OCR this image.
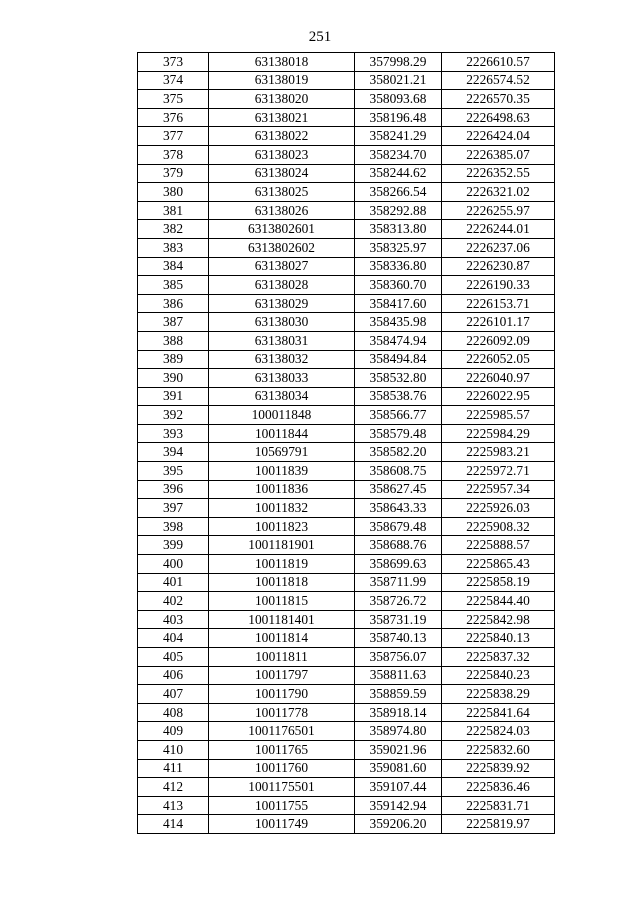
251
373	63138018	357998.29	2226610.57
374	63138019	358021.21	2226574.52
375	63138020	358093.68	2226570.35
376	63138021	358196.48	2226498.63
377	63138022	358241.29	2226424.04
378	63138023	358234.70	2226385.07
379	63138024	358244.62	2226352.55
380	63138025	358266.54	2226321.02
381	63138026	358292.88	2226255.97
382	6313802601	358313.80	2226244.01
383	6313802602	358325.97	2226237.06
384	63138027	358336.80	2226230.87
385	63138028	358360.70	2226190.33
386	63138029	358417.60	2226153.71
387	63138030	358435.98	2226101.17
388	63138031	358474.94	2226092.09
389	63138032	358494.84	2226052.05
390	63138033	358532.80	2226040.97
391	63138034	358538.76	2226022.95
392	100011848	358566.77	2225985.57
393	10011844	358579.48	2225984.29
394	10569791	358582.20	2225983.21
395	10011839	358608.75	2225972.71
396	10011836	358627.45	2225957.34
397	10011832	358643.33	2225926.03
398	10011823	358679.48	2225908.32
399	1001181901	358688.76	2225888.57
400	10011819	358699.63	2225865.43
401	10011818	358711.99	2225858.19
402	10011815	358726.72	2225844.40
403	1001181401	358731.19	2225842.98
404	10011814	358740.13	2225840.13
405	10011811	358756.07	2225837.32
406	10011797	358811.63	2225840.23
407	10011790	358859.59	2225838.29
408	10011778	358918.14	2225841.64
409	1001176501	358974.80	2225824.03
410	10011765	359021.96	2225832.60
411	10011760	359081.60	2225839.92
412	1001175501	359107.44	2225836.46
413	10011755	359142.94	2225831.71
414	10011749	359206.20	2225819.97
